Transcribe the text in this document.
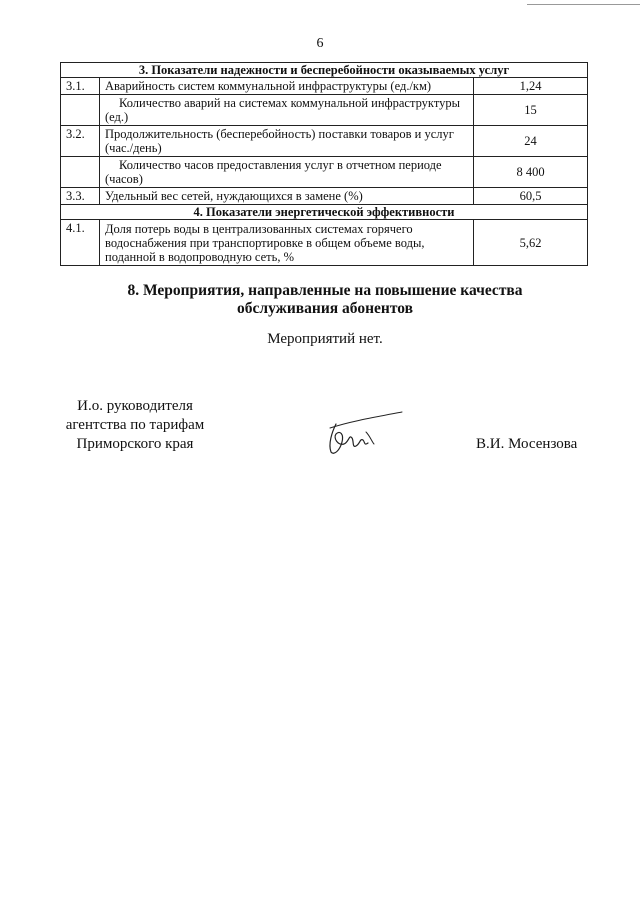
6
3. Показатели надежности и бесперебойности оказываемых услуг		
3.1.	Аварийность систем коммунальной инфраструктуры (ед./км)	1,24
	Количество аварий на системах коммунальной инфраструктуры (ед.)	15
3.2.	Продолжительность (бесперебойность) поставки товаров и услуг (час./день)	24
	Количество часов предоставления услуг в отчетном периоде (часов)	8 400
3.3.	Удельный вес сетей, нуждающихся в замене (%)	60,5
4. Показатели энергетической эффективности		
4.1.	Доля потерь воды в централизованных системах горячего водоснабжения при транспортировке в общем объеме воды, поданной в водопроводную сеть, %	5,62
8. Мероприятия, направленные на повышение качества
обслуживания абонентов
Мероприятий нет.
И.о. руководителя
агентства по тарифам
Приморского края	В.И. Мосензова
